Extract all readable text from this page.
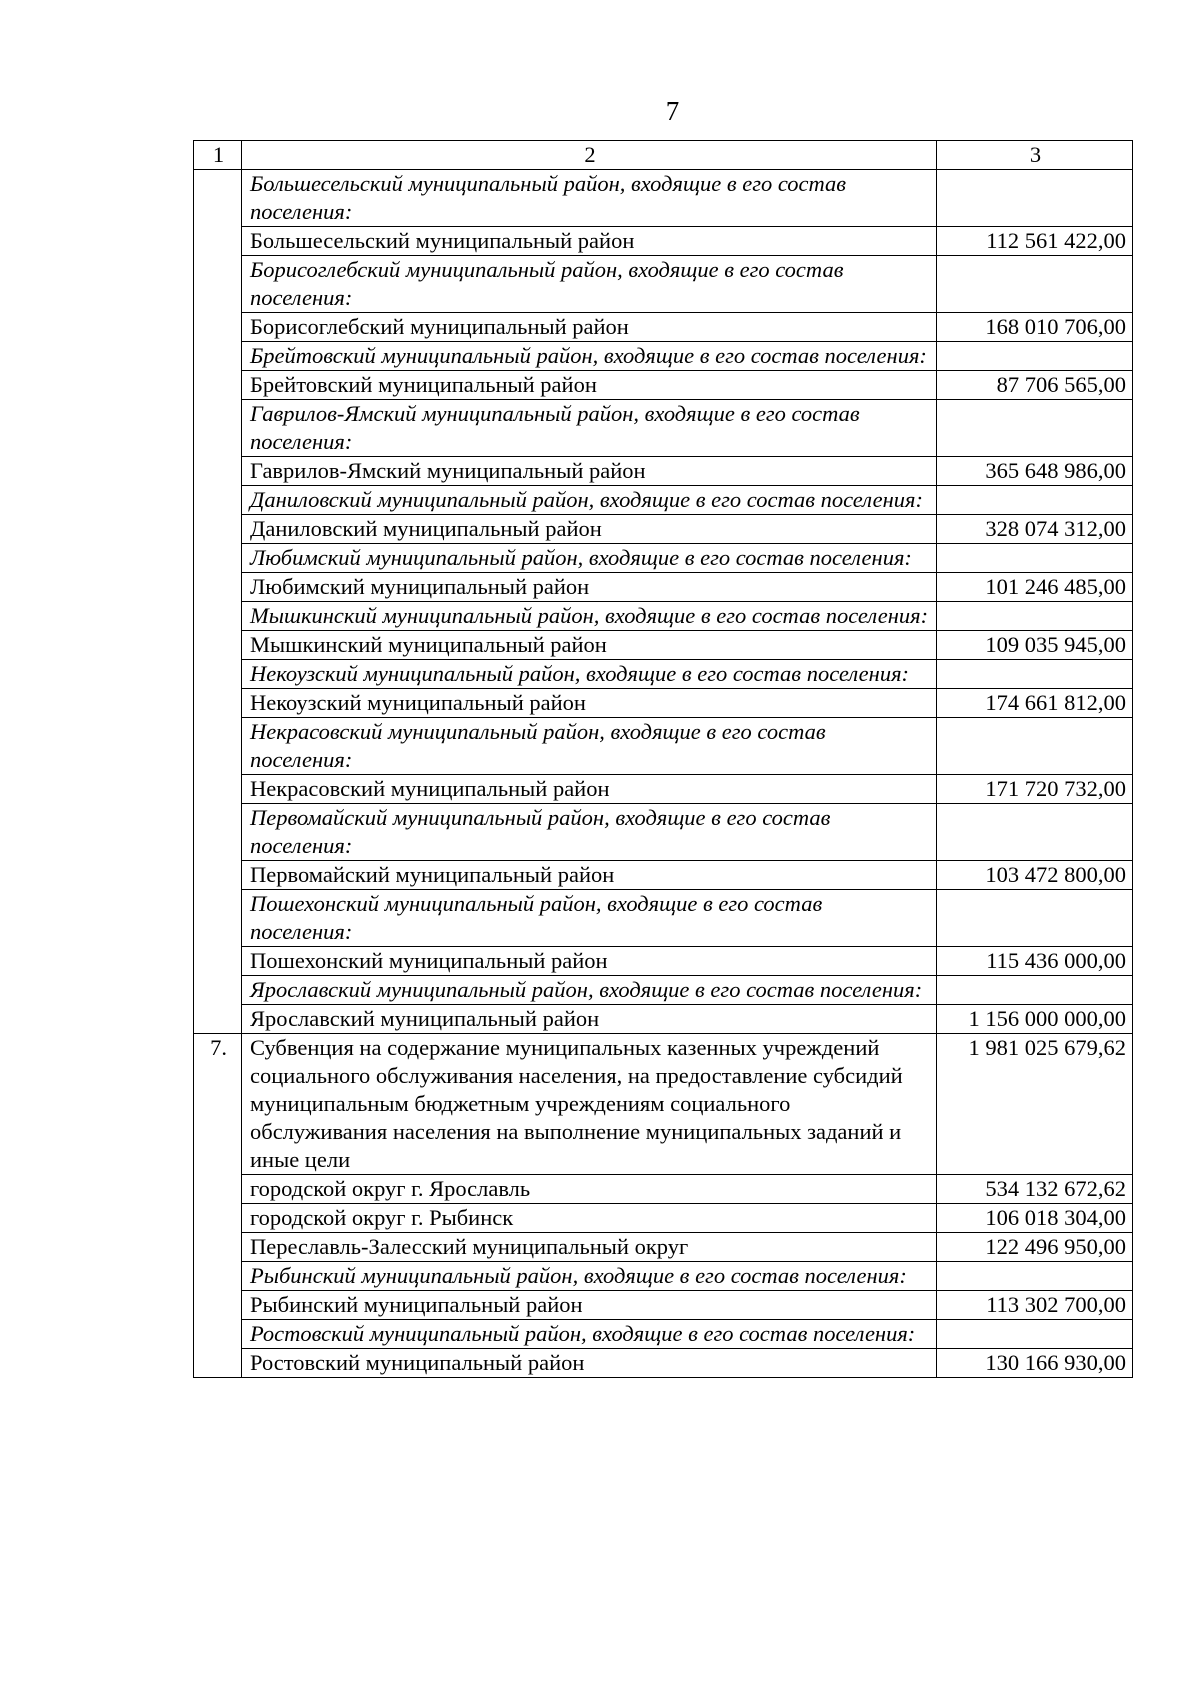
7
1	2	3
	Большесельский муниципальный район, входящие в его состав поселения:	
	Большесельский муниципальный район	112 561 422,00
	Борисоглебский муниципальный район, входящие в его состав поселения:	
	Борисоглебский муниципальный район	168 010 706,00
	Брейтовский муниципальный район, входящие в его состав поселения:	
	Брейтовский муниципальный район	87 706 565,00
	Гаврилов-Ямский муниципальный район, входящие в его состав поселения:	
	Гаврилов-Ямский муниципальный район	365 648 986,00
	Даниловский муниципальный район, входящие в его состав поселения:	
	Даниловский муниципальный район	328 074 312,00
	Любимский муниципальный район, входящие в его состав поселения:	
	Любимский муниципальный район	101 246 485,00
	Мышкинский муниципальный район, входящие в его состав поселения:	
	Мышкинский муниципальный район	109 035 945,00
	Некоузский муниципальный район, входящие в его состав поселения:	
	Некоузский муниципальный район	174 661 812,00
	Некрасовский муниципальный район, входящие в его состав поселения:	
	Некрасовский муниципальный район	171 720 732,00
	Первомайский муниципальный район, входящие в его состав поселения:	
	Первомайский муниципальный район	103 472 800,00
	Пошехонский муниципальный район, входящие в его состав поселения:	
	Пошехонский муниципальный район	115 436 000,00
	Ярославский муниципальный район, входящие в его состав поселения:	
	Ярославский муниципальный район	1 156 000 000,00
7.	Субвенция на содержание муниципальных казенных учреждений социального обслуживания населения, на предоставление субсидий муниципальным бюджетным учреждениям социального обслуживания населения на выполнение муниципальных заданий и иные цели	1 981 025 679,62
	городской округ г. Ярославль	534 132 672,62
	городской округ г. Рыбинск	106 018 304,00
	Переславль-Залесский муниципальный округ	122 496 950,00
	Рыбинский муниципальный район, входящие в его состав поселения:	
	Рыбинский муниципальный район	113 302 700,00
	Ростовский муниципальный район, входящие в его состав поселения:	
	Ростовский муниципальный район	130 166 930,00
